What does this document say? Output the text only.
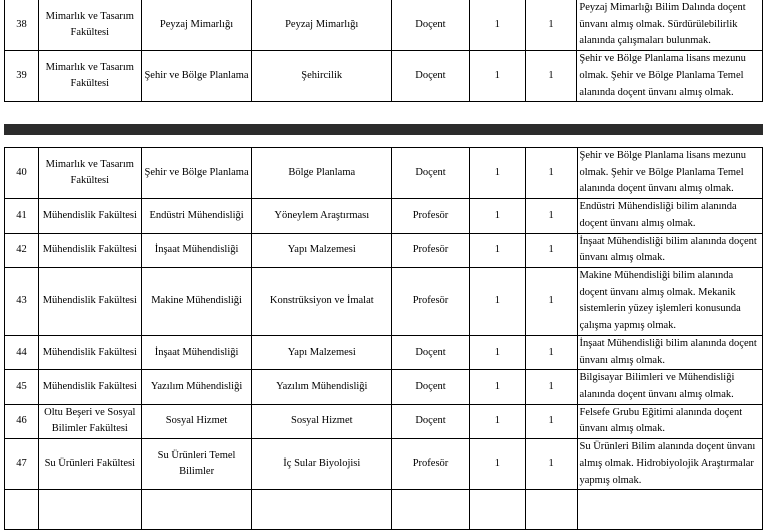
38	Mimarlık ve Tasarım Fakültesi	Peyzaj Mimarlığı	Peyzaj Mimarlığı	Doçent	1	1	Peyzaj Mimarlığı Bilim Dalında doçent ünvanı almış olmak. Sürdürülebilirlik alanında çalışmaları bulunmak.
39	Mimarlık ve Tasarım Fakültesi	Şehir ve Bölge Planlama	Şehircilik	Doçent	1	1	Şehir ve Bölge Planlama lisans mezunu olmak. Şehir ve Bölge Planlama Temel alanında doçent ünvanı almış olmak.
40	Mimarlık ve Tasarım Fakültesi	Şehir ve Bölge Planlama	Bölge Planlama	Doçent	1	1	Şehir ve Bölge Planlama lisans mezunu olmak. Şehir ve Bölge Planlama Temel alanında doçent ünvanı almış olmak.
41	Mühendislik Fakültesi	Endüstri Mühendisliği	Yöneylem Araştırması	Profesör	1	1	Endüstri Mühendisliği bilim alanında doçent ünvanı almış olmak.
42	Mühendislik Fakültesi	İnşaat Mühendisliği	Yapı Malzemesi	Profesör	1	1	İnşaat Mühendisliği bilim alanında doçent ünvanı almış olmak.
43	Mühendislik Fakültesi	Makine Mühendisliği	Konstrüksiyon ve İmalat	Profesör	1	1	Makine Mühendisliği bilim alanında doçent ünvanı almış olmak. Mekanik sistemlerin yüzey işlemleri konusunda çalışma yapmış olmak.
44	Mühendislik Fakültesi	İnşaat Mühendisliği	Yapı Malzemesi	Doçent	1	1	İnşaat Mühendisliği bilim alanında doçent ünvanı almış olmak.
45	Mühendislik Fakültesi	Yazılım Mühendisliği	Yazılım Mühendisliği	Doçent	1	1	Bilgisayar Bilimleri ve Mühendisliği alanında doçent ünvanı almış olmak.
46	Oltu Beşeri ve Sosyal Bilimler Fakültesi	Sosyal Hizmet	Sosyal Hizmet	Doçent	1	1	Felsefe Grubu Eğitimi alanında doçent ünvanı almış olmak.
47	Su Ürünleri Fakültesi	Su Ürünleri Temel Bilimler	İç Sular Biyolojisi	Profesör	1	1	Su Ürünleri Bilim alanında doçent ünvanı almış olmak. Hidrobiyolojik Araştırmalar yapmış olmak.
